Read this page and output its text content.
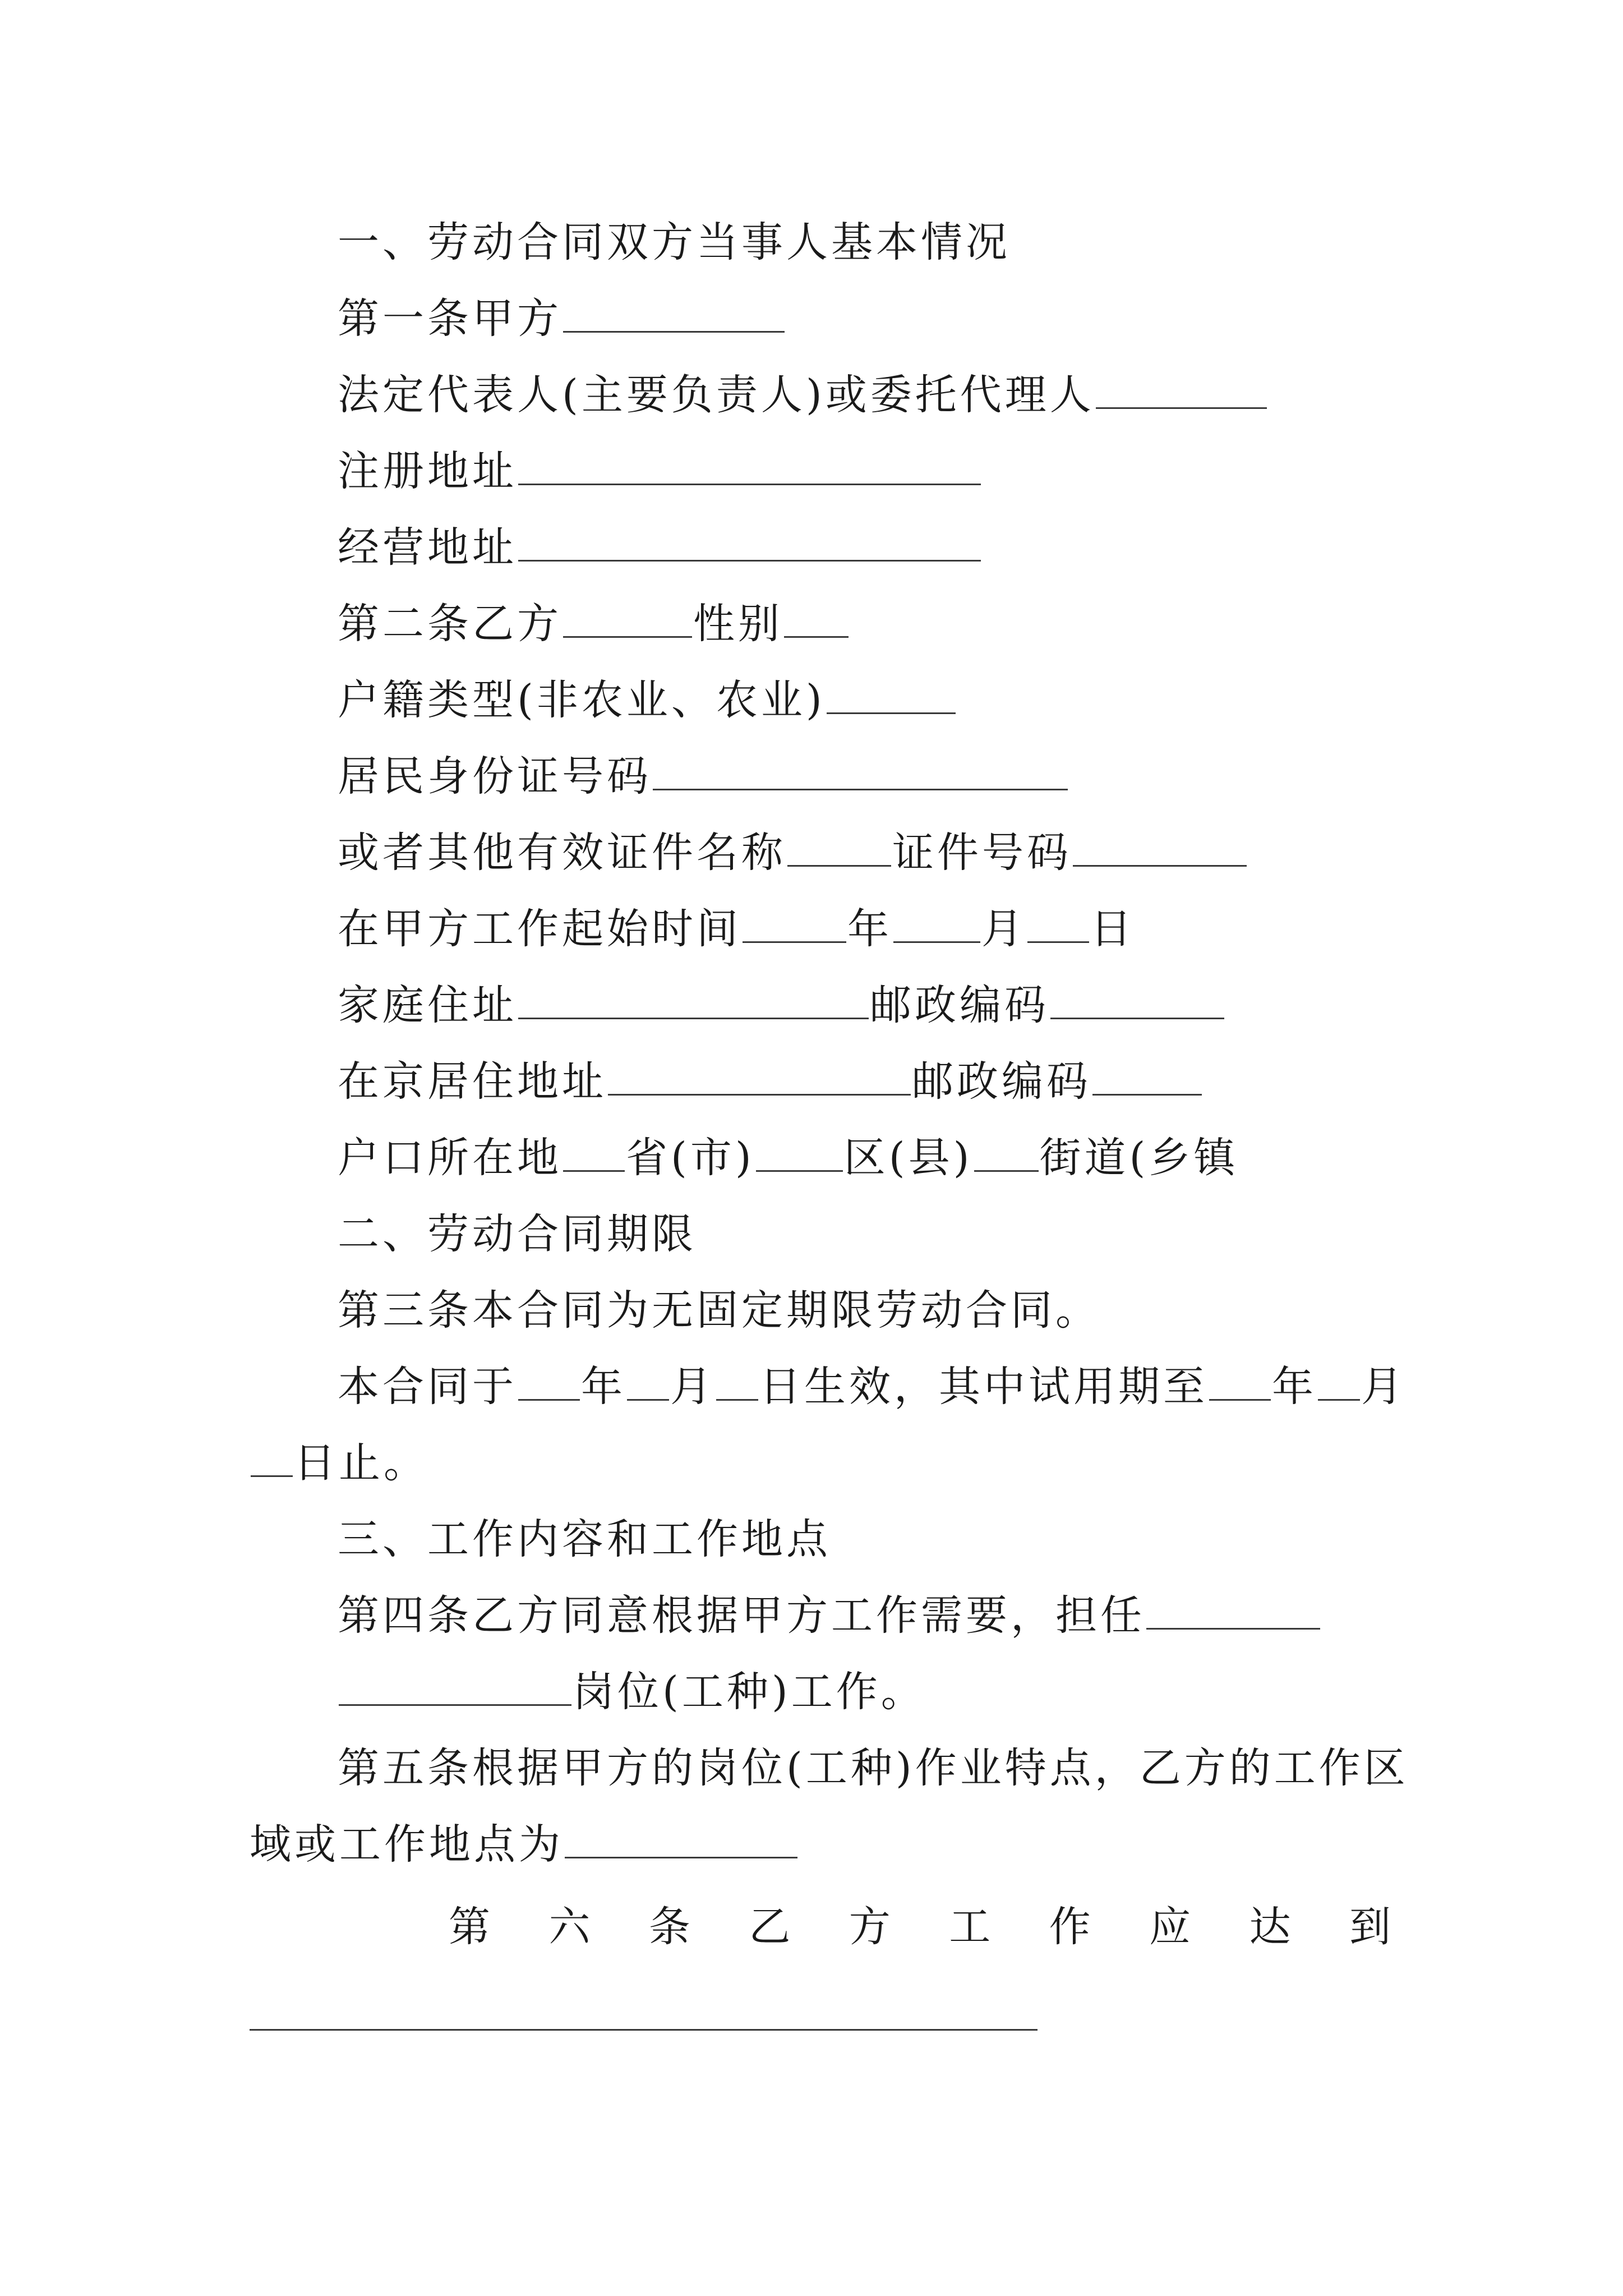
一、劳动合同双方当事人基本情况
第一条甲方
法定代表人(主要负责人)或委托代理人
注册地址
经营地址
第二条乙方	性别
户籍类型(非农业、农业)
居民身份证号码
或者其他有效证件名称	证件号码
在甲方工作起始时间	年 月 日
家庭住址	邮政编码
在京居住地址	邮政编码
户口所在地 省(市) 区(县) 街道(乡镇
二、劳动合同期限
第三条本合同为无固定期限劳动合同。
本合同于 年 月 日生效，其中试用期至 年 月
日止。
三、工作内容和工作地点
第四条乙方同意根据甲方工作需要，担任
岗位(工种)工作。
第五条根据甲方的岗位(工种)作业特点，乙方的工作区
域或工作地点为
第 六 条 乙 方 工 作 应 达 到
